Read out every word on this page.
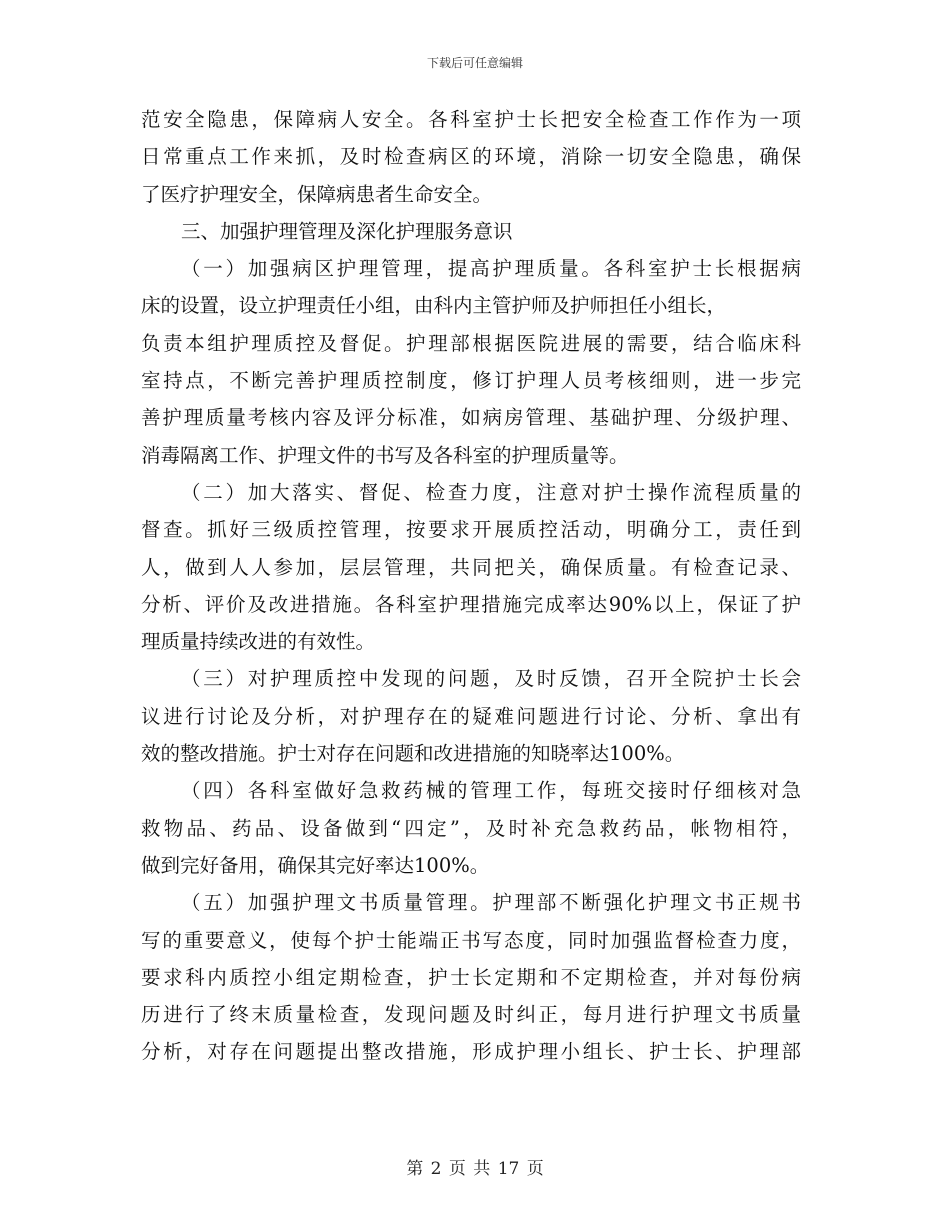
下载后可任意编辑
范安全隐患，保障病人安全。各科室护士长把安全检查工作作为一项
日常重点工作来抓，及时检查病区的环境，消除一切安全隐患，确保
了医疗护理安全，保障病患者生命安全。
三、加强护理管理及深化护理服务意识
（一）加强病区护理管理，提高护理质量。各科室护士长根据病
床的设置，设立护理责任小组，由科内主管护师及护师担任小组长，
负责本组护理质控及督促。护理部根据医院进展的需要，结合临床科
室持点，不断完善护理质控制度，修订护理人员考核细则，进一步完
善护理质量考核内容及评分标准，如病房管理、基础护理、分级护理、
消毒隔离工作、护理文件的书写及各科室的护理质量等。
（二）加大落实、督促、检查力度，注意对护士操作流程质量的
督查。抓好三级质控管理，按要求开展质控活动，明确分工，责任到
人，做到人人参加，层层管理，共同把关，确保质量。有检查记录、
分析、评价及改进措施。各科室护理措施完成率达90%以上，保证了护
理质量持续改进的有效性。
（三）对护理质控中发现的问题，及时反馈，召开全院护士长会
议进行讨论及分析，对护理存在的疑难问题进行讨论、分析、拿出有
效的整改措施。护士对存在问题和改进措施的知晓率达100%。
（四）各科室做好急救药械的管理工作，每班交接时仔细核对急
救物品、药品、设备做到“四定”，及时补充急救药品，帐物相符，
做到完好备用，确保其完好率达100%。
（五）加强护理文书质量管理。护理部不断强化护理文书正规书
写的重要意义，使每个护士能端正书写态度，同时加强监督检查力度，
要求科内质控小组定期检查，护士长定期和不定期检查，并对每份病
历进行了终末质量检查，发现问题及时纠正，每月进行护理文书质量
分析，对存在问题提出整改措施，形成护理小组长、护士长、护理部
第 2 页 共 17 页
